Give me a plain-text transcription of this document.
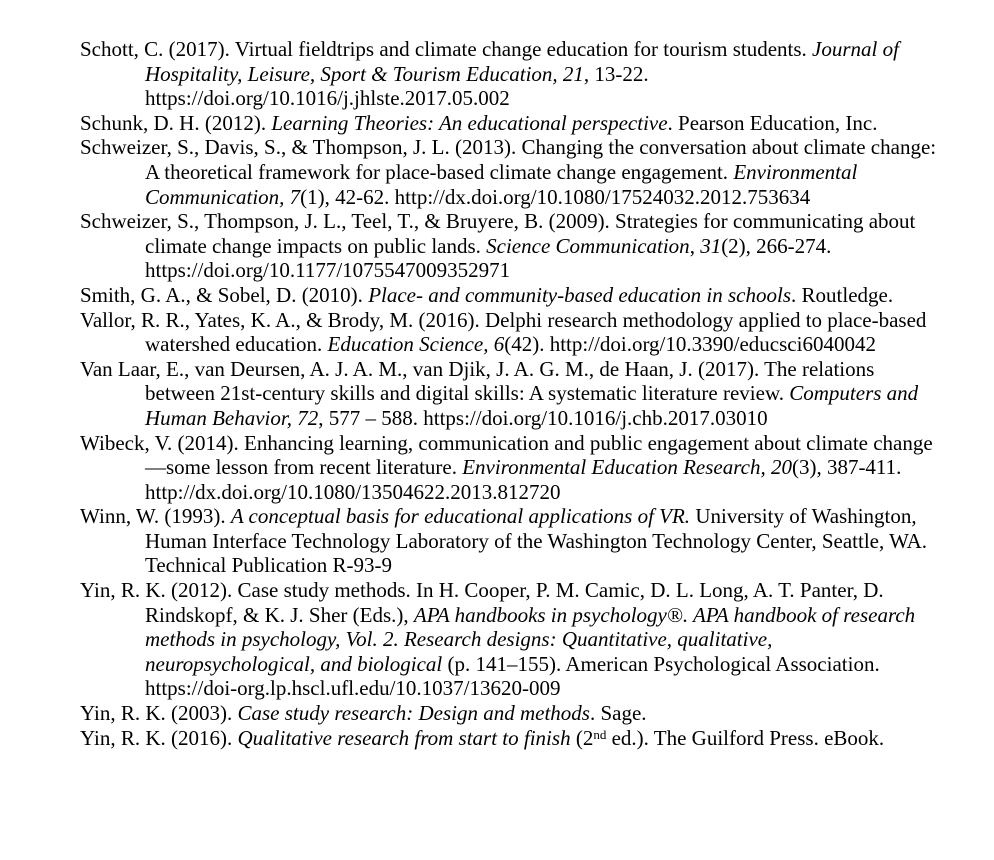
Schott, C. (2017). Virtual fieldtrips and climate change education for tourism students. Journal of Hospitality, Leisure, Sport & Tourism Education, 21, 13-22. https://doi.org/10.1016/j.jhlste.2017.05.002

Schunk, D. H. (2012). Learning Theories: An educational perspective. Pearson Education, Inc.

Schweizer, S., Davis, S., & Thompson, J. L. (2013). Changing the conversation about climate change: A theoretical framework for place-based climate change engagement. Environmental Communication, 7(1), 42-62. http://dx.doi.org/10.1080/17524032.2012.753634

Schweizer, S., Thompson, J. L., Teel, T., & Bruyere, B. (2009). Strategies for communicating about climate change impacts on public lands. Science Communication, 31(2), 266-274. https://doi.org/10.1177/1075547009352971

Smith, G. A., & Sobel, D. (2010). Place- and community-based education in schools. Routledge.

Vallor, R. R., Yates, K. A., & Brody, M. (2016). Delphi research methodology applied to place-based watershed education. Education Science, 6(42). http://doi.org/10.3390/educsci6040042

Van Laar, E., van Deursen, A. J. A. M., van Djik, J. A. G. M., de Haan, J. (2017). The relations between 21st-century skills and digital skills: A systematic literature review. Computers and Human Behavior, 72, 577 – 588. https://doi.org/10.1016/j.chb.2017.03010

Wibeck, V. (2014). Enhancing learning, communication and public engagement about climate change—some lesson from recent literature. Environmental Education Research, 20(3), 387-411. http://dx.doi.org/10.1080/13504622.2013.812720

Winn, W. (1993). A conceptual basis for educational applications of VR. University of Washington, Human Interface Technology Laboratory of the Washington Technology Center, Seattle, WA. Technical Publication R-93-9

Yin, R. K. (2012). Case study methods. In H. Cooper, P. M. Camic, D. L. Long, A. T. Panter, D. Rindskopf, & K. J. Sher (Eds.), APA handbooks in psychology®. APA handbook of research methods in psychology, Vol. 2. Research designs: Quantitative, qualitative, neuropsychological, and biological (p. 141–155). American Psychological Association. https://doi-org.lp.hscl.ufl.edu/10.1037/13620-009

Yin, R. K. (2003). Case study research: Design and methods. Sage.

Yin, R. K. (2016). Qualitative research from start to finish (2nd ed.). The Guilford Press. eBook.
